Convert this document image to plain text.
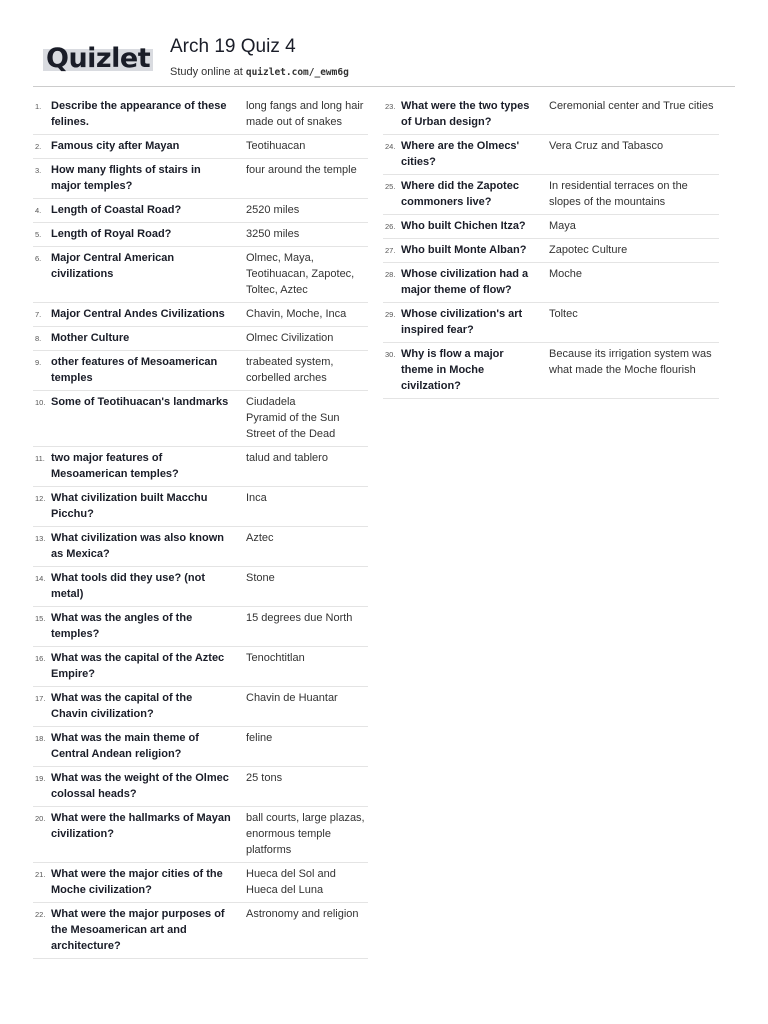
Quizlet Arch 19 Quiz 4
Study online at quizlet.com/_ewm6g
1. Describe the appearance of these felines.
long fangs and long hair made out of snakes
2. Famous city after Mayan	Teotihuacan
3. How many flights of stairs in major temples?
four around the temple
4. Length of Coastal Road?	2520 miles
5. Length of Royal Road?	3250 miles
6. Major Central American civilizations
Olmec, Maya, Teotihuacan, Zapotec, Toltec, Aztec
7. Major Central Andes Civilizations	Chavin, Moche, Inca
8. Mother Culture	Olmec Civilization
9. other features of Mesoamerican temples
trabeated system, corbelled arches
10. Some of Teotihuacan's landmarks	Ciudadela
Pyramid of the Sun
Street of the Dead
11. two major features of Mesoamerican temples?
talud and tablero
12. What civilization built Macchu Picchu?
Inca
13. What civilization was also known as Mexica?
Aztec
14. What tools did they use? (not metal)
Stone
15. What was the angles of the temples?
15 degrees due North
16. What was the capital of the Aztec Empire?
Tenochtitlan
17. What was the capital of the Chavin civilization?
Chavin de Huantar
18. What was the main theme of Central Andean religion?
feline
19. What was the weight of the Olmec colossal heads?
25 tons
20. What were the hallmarks of Mayan civilization?
ball courts, large plazas, enormous temple platforms
21. What were the major cities of the Moche civilization?
Hueca del Sol and Hueca del Luna
22. What were the major purposes of the Mesoamerican art and architecture?
Astronomy and religion
23. What were the two types of Urban design?
Ceremonial center and True cities
24. Where are the Olmecs' cities?
Vera Cruz and Tabasco
25. Where did the Zapotec commoners live?
In residential terraces on the slopes of the mountains
26. Who built Chichen Itza?	Maya
27. Who built Monte Alban?	Zapotec Culture
28. Whose civilization had a major theme of flow?
Moche
29. Whose civilization's art inspired fear?
Toltec
30. Why is flow a major theme in Moche civilzation?
Because its irrigation system was what made the Moche flourish
